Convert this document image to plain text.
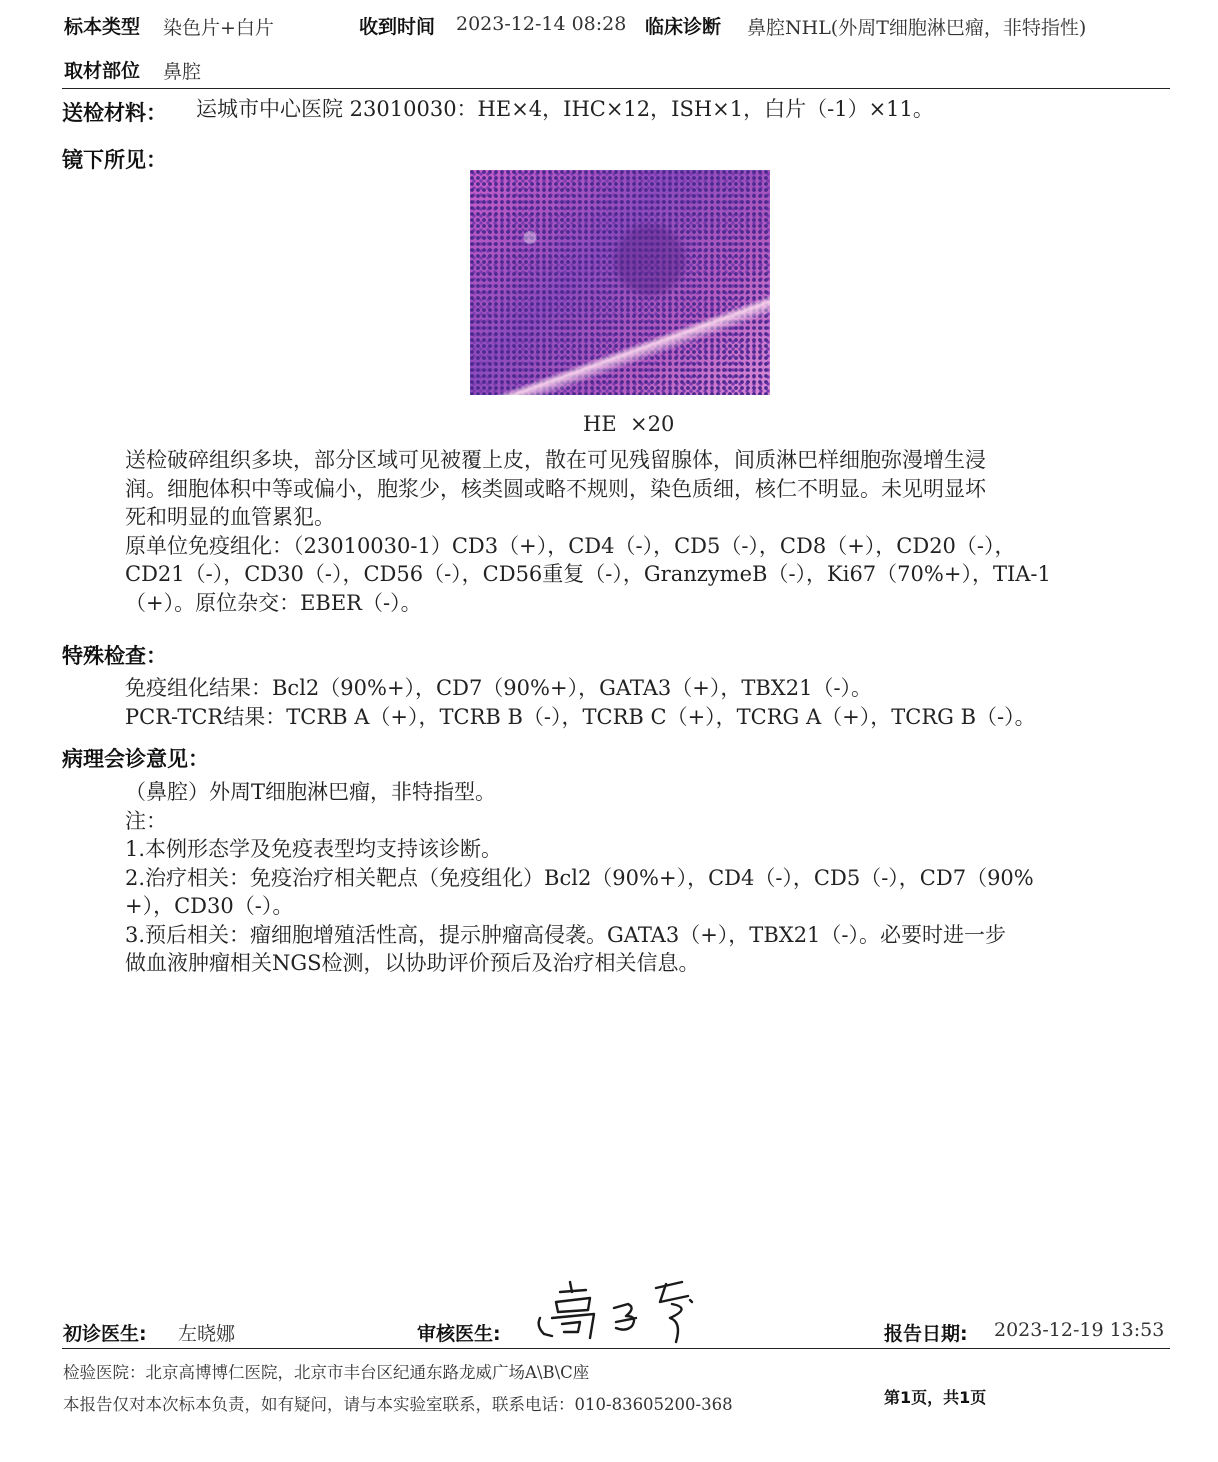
标本类型 染色片+白片	收到时间 2023-12-14 08:28 临床诊断 鼻腔NHL(外周T细胞淋巴瘤，非特指性)
取材部位 鼻腔
送检材料： 运城市中心医院 23010030：HE×4，IHC×12，ISH×1，白片（-1）×11。
镜下所见：
HE  ×20
送检破碎组织多块，部分区域可见被覆上皮，散在可见残留腺体，间质淋巴样细胞弥漫增生浸
润。细胞体积中等或偏小，胞浆少，核类圆或略不规则，染色质细，核仁不明显。未见明显坏
死和明显的血管累犯。
原单位免疫组化：（23010030-1）CD3（+），CD4（-），CD5（-），CD8（+），CD20（-），
CD21（-），CD30（-），CD56（-），CD56重复（-），GranzymeB（-），Ki67（70%+），TIA-1
（+）。原位杂交：EBER（-）。
特殊检查：
免疫组化结果：Bcl2（90%+），CD7（90%+），GATA3（+），TBX21（-）。
PCR-TCR结果：TCRB A（+），TCRB B（-），TCRB C（+），TCRG A（+），TCRG B（-）。
病理会诊意见：
（鼻腔）外周T细胞淋巴瘤，非特指型。
注：
1.本例形态学及免疫表型均支持该诊断。
2.治疗相关：免疫治疗相关靶点（免疫组化）Bcl2（90%+），CD4（-），CD5（-），CD7（90%
+），CD30（-）。
3.预后相关：瘤细胞增殖活性高，提示肿瘤高侵袭。GATA3（+），TBX21（-）。必要时进一步
做血液肿瘤相关NGS检测，以协助评价预后及治疗相关信息。
初诊医生: 左晓娜	审核医生:	报告日期: 2023-12-19 13:53
检验医院：北京高博博仁医院，北京市丰台区纪通东路龙威广场A\B\C座
本报告仅对本次标本负责，如有疑问，请与本实验室联系，联系电话：010-83605200-368	第1页，共1页
